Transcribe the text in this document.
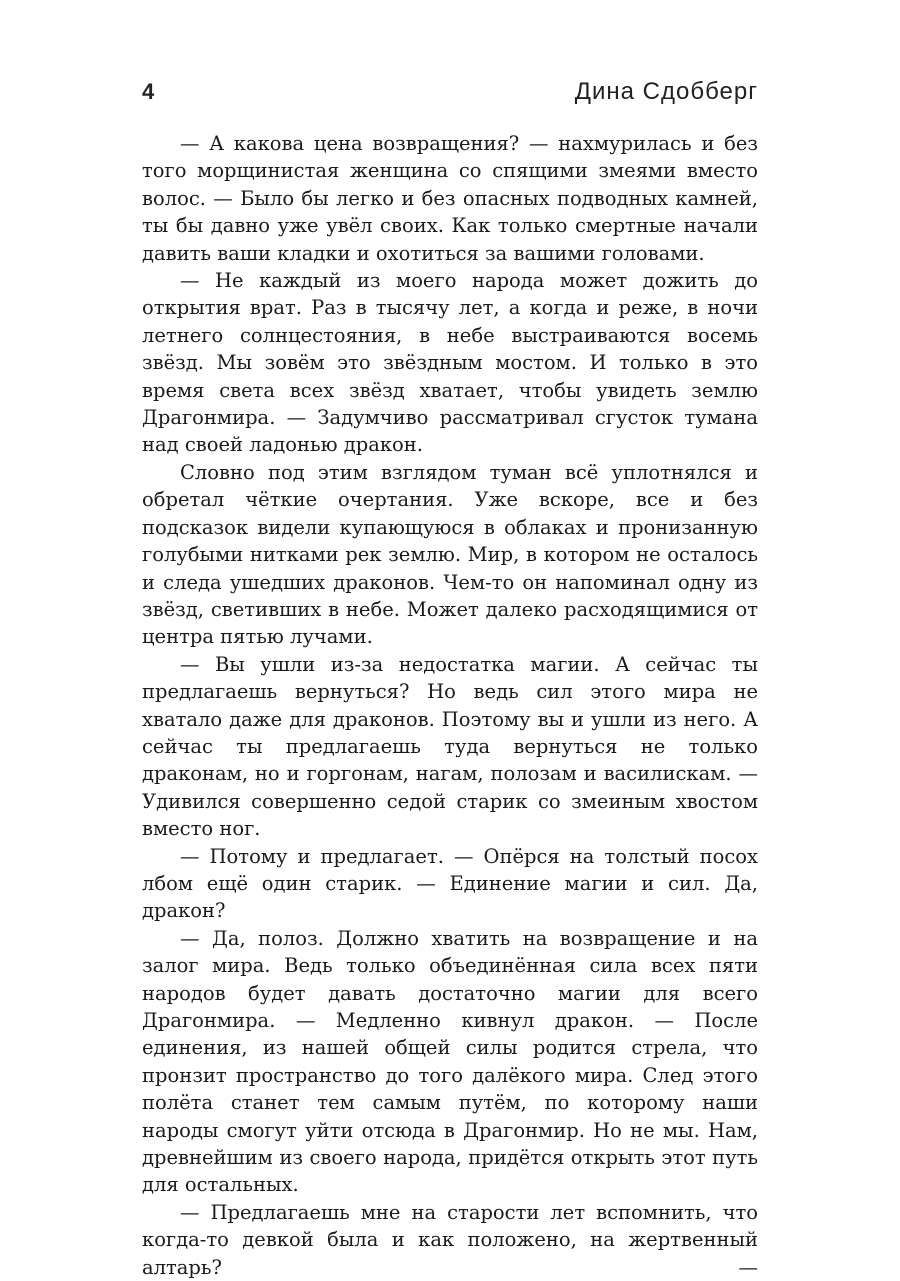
4	Дина Сдобберг

— А какова цена возвращения? — нахмурилась и без того морщинистая женщина со спящими змеями вместо волос. — Было бы легко и без опасных подводных камней, ты бы давно уже увёл своих. Как только смертные начали давить ваши кладки и охотиться за вашими головами.

— Не каждый из моего народа может дожить до открытия врат. Раз в тысячу лет, а когда и реже, в ночи летнего солнцестояния, в небе выстраиваются восемь звёзд. Мы зовём это звёздным мостом. И только в это время света всех звёзд хватает, чтобы увидеть землю Драгонмира. — Задумчиво рассматривал сгусток тумана над своей ладонью дракон.

Словно под этим взглядом туман всё уплотнялся и обретал чёткие очертания. Уже вскоре, все и без подсказок видели купающуюся в облаках и пронизанную голубыми нитками рек землю. Мир, в котором не осталось и следа ушедших драконов. Чем-то он напоминал одну из звёзд, светивших в небе. Может далеко расходящимися от центра пятью лучами.

— Вы ушли из-за недостатка магии. А сейчас ты предлагаешь вернуться? Но ведь сил этого мира не хватало даже для драконов. Поэтому вы и ушли из него. А сейчас ты предлагаешь туда вернуться не только драконам, но и горгонам, нагам, полозам и василискам. — Удивился совершенно седой старик со змеиным хвостом вместо ног.

— Потому и предлагает. — Опёрся на толстый посох лбом ещё один старик. — Единение магии и сил. Да, дракон?

— Да, полоз. Должно хватить на возвращение и на залог мира. Ведь только объединённая сила всех пяти народов будет давать достаточно магии для всего Драгонмира. — Медленно кивнул дракон. — После единения, из нашей общей силы родится стрела, что пронзит пространство до того далёкого мира. След этого полёта станет тем самым путём, по которому наши народы смогут уйти отсюда в Драгонмир. Но не мы. Нам, древнейшим из своего народа, придётся открыть этот путь для остальных.

— Предлагаешь мне на старости лет вспомнить, что когда-то девкой была и как положено, на жертвенный алтарь? —
